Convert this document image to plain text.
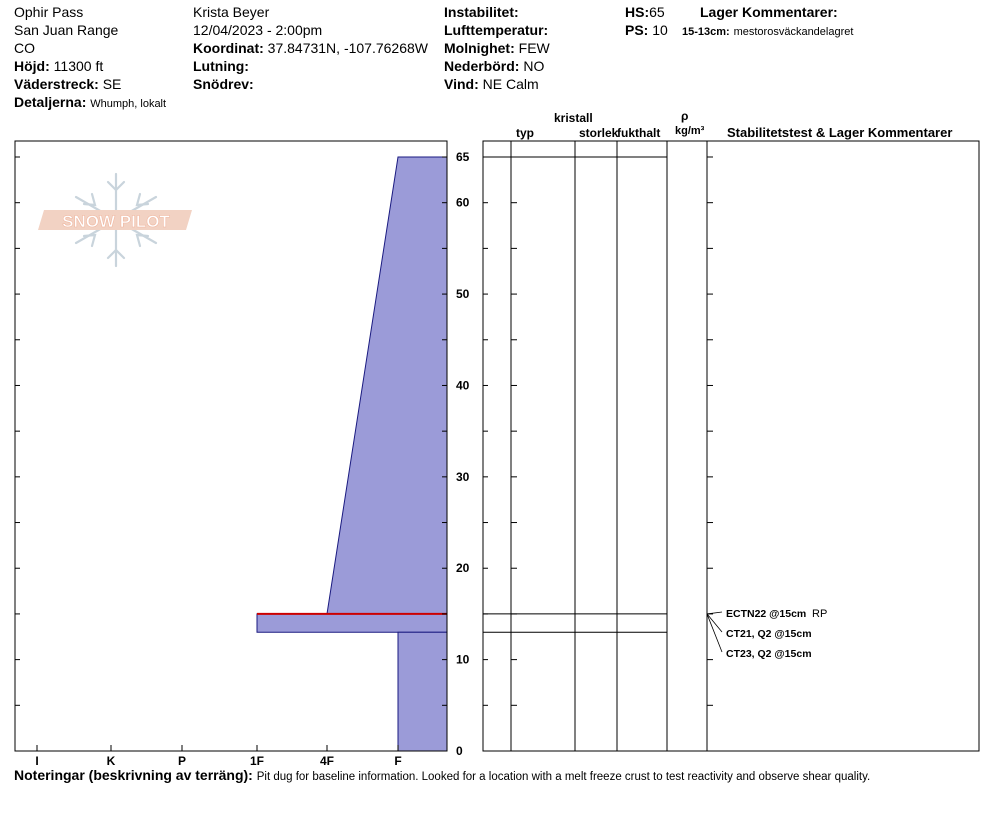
Ophir Pass
San Juan Range
CO
Höjd: 11300 ft
Väderstreck: SE
Detaljerna: Whumph, lokalt
Krista Beyer
12/04/2023 - 2:00pm
Koordinat: 37.84731N, -107.76268W
Lutning:
Snödrev:
Instabilitet:
Lufttemperatur:
Molnighet: FEW
Nederbörd: NO
Vind: NE Calm
HS:65
PS: 10
Lager Kommentarer:
15-13cm: mestorosväckandelagret
kristall
typ	storlek
fukthalt
ρ
kg/m³ Stabilitetstest & Lager Kommentarer
SNOW PILOT
I	K	P	1F	4F	F
0
10
20
30
40
50
60
65
ECTN22 @15cm RP
CT21, Q2 @15cm
CT23, Q2 @15cm
Noteringar (beskrivning av terräng): Pit dug for baseline information. Looked for a location with a melt freeze crust to test reactivity and observe shear quality.
